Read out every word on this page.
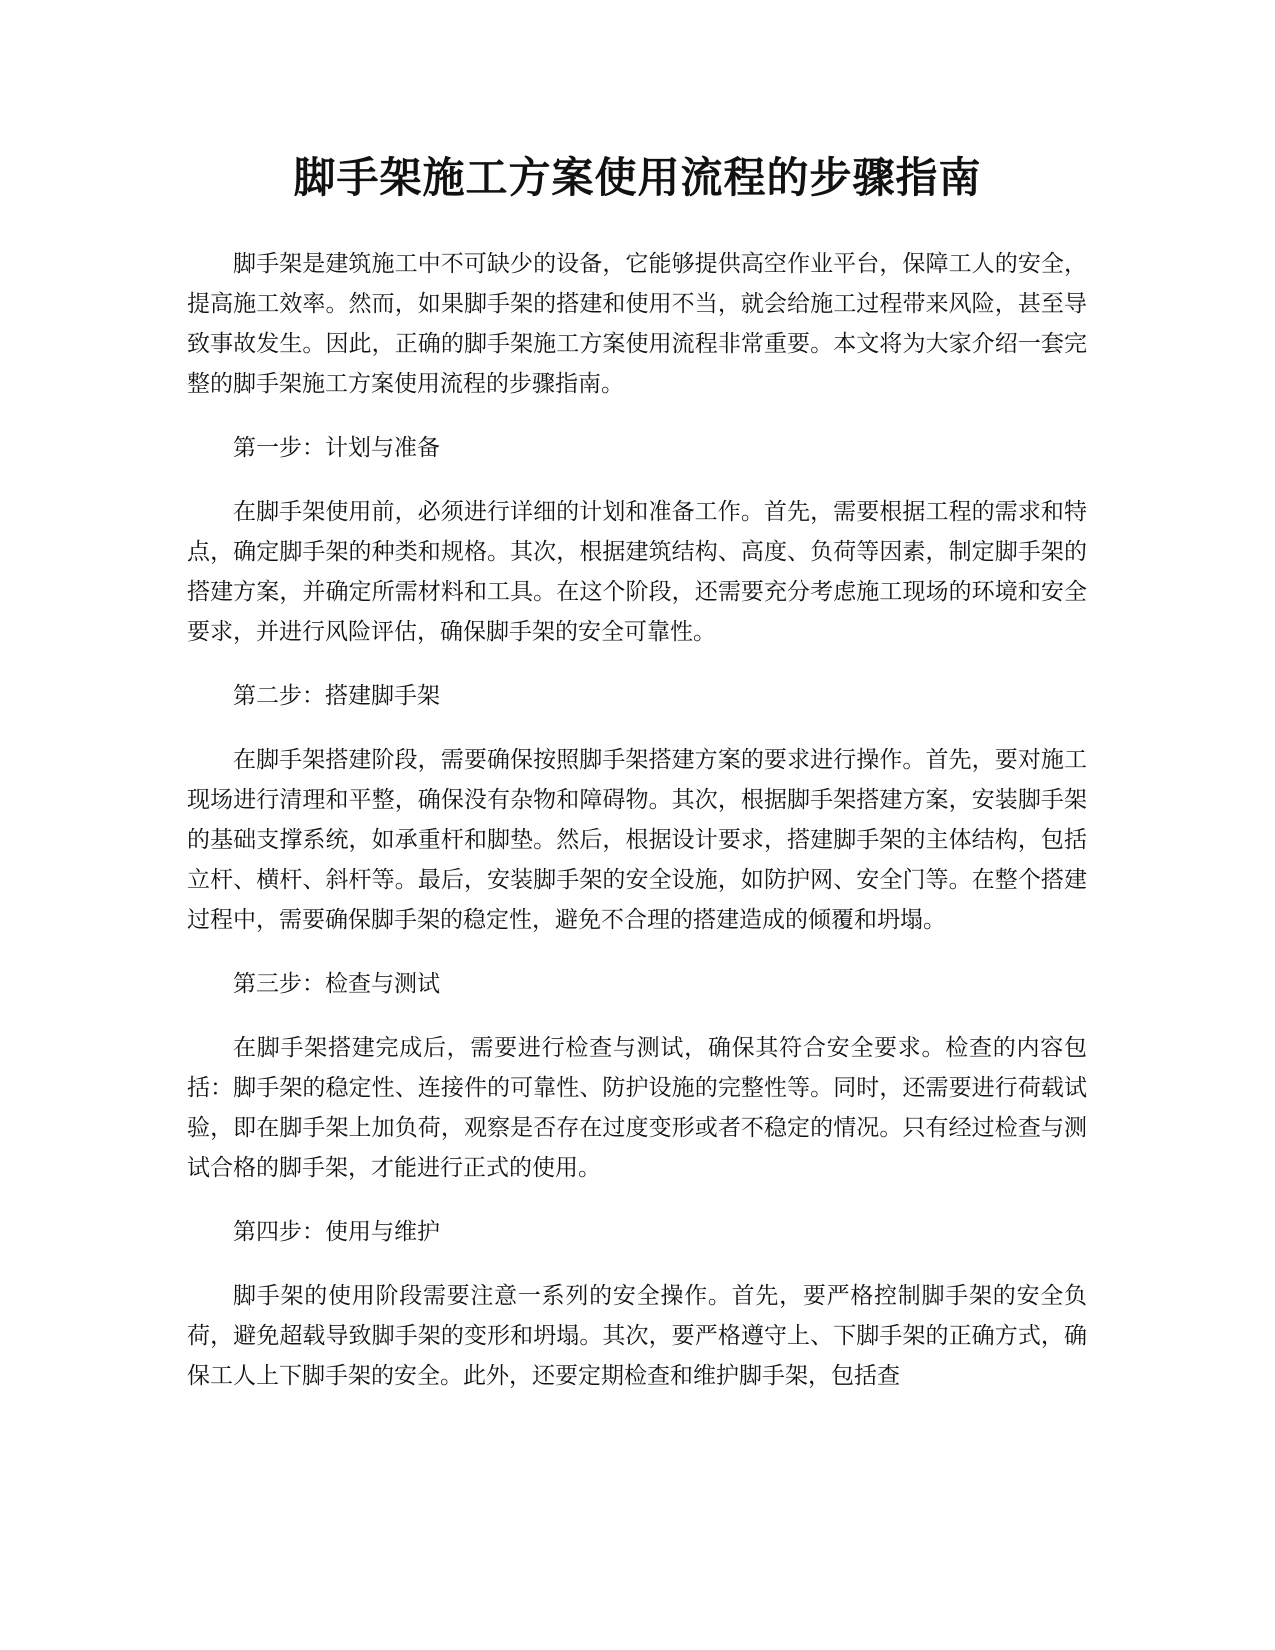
脚手架施工方案使用流程的步骤指南

脚手架是建筑施工中不可缺少的设备，它能够提供高空作业平台，保障工人的安全，提高施工效率。然而，如果脚手架的搭建和使用不当，就会给施工过程带来风险，甚至导致事故发生。因此，正确的脚手架施工方案使用流程非常重要。本文将为大家介绍一套完整的脚手架施工方案使用流程的步骤指南。

第一步：计划与准备

在脚手架使用前，必须进行详细的计划和准备工作。首先，需要根据工程的需求和特点，确定脚手架的种类和规格。其次，根据建筑结构、高度、负荷等因素，制定脚手架的搭建方案，并确定所需材料和工具。在这个阶段，还需要充分考虑施工现场的环境和安全要求，并进行风险评估，确保脚手架的安全可靠性。

第二步：搭建脚手架

在脚手架搭建阶段，需要确保按照脚手架搭建方案的要求进行操作。首先，要对施工现场进行清理和平整，确保没有杂物和障碍物。其次，根据脚手架搭建方案，安装脚手架的基础支撑系统，如承重杆和脚垫。然后，根据设计要求，搭建脚手架的主体结构，包括立杆、横杆、斜杆等。最后，安装脚手架的安全设施，如防护网、安全门等。在整个搭建过程中，需要确保脚手架的稳定性，避免不合理的搭建造成的倾覆和坍塌。

第三步：检查与测试

在脚手架搭建完成后，需要进行检查与测试，确保其符合安全要求。检查的内容包括：脚手架的稳定性、连接件的可靠性、防护设施的完整性等。同时，还需要进行荷载试验，即在脚手架上加负荷，观察是否存在过度变形或者不稳定的情况。只有经过检查与测试合格的脚手架，才能进行正式的使用。

第四步：使用与维护

脚手架的使用阶段需要注意一系列的安全操作。首先，要严格控制脚手架的安全负荷，避免超载导致脚手架的变形和坍塌。其次，要严格遵守上、下脚手架的正确方式，确保工人上下脚手架的安全。此外，还要定期检查和维护脚手架，包括查
